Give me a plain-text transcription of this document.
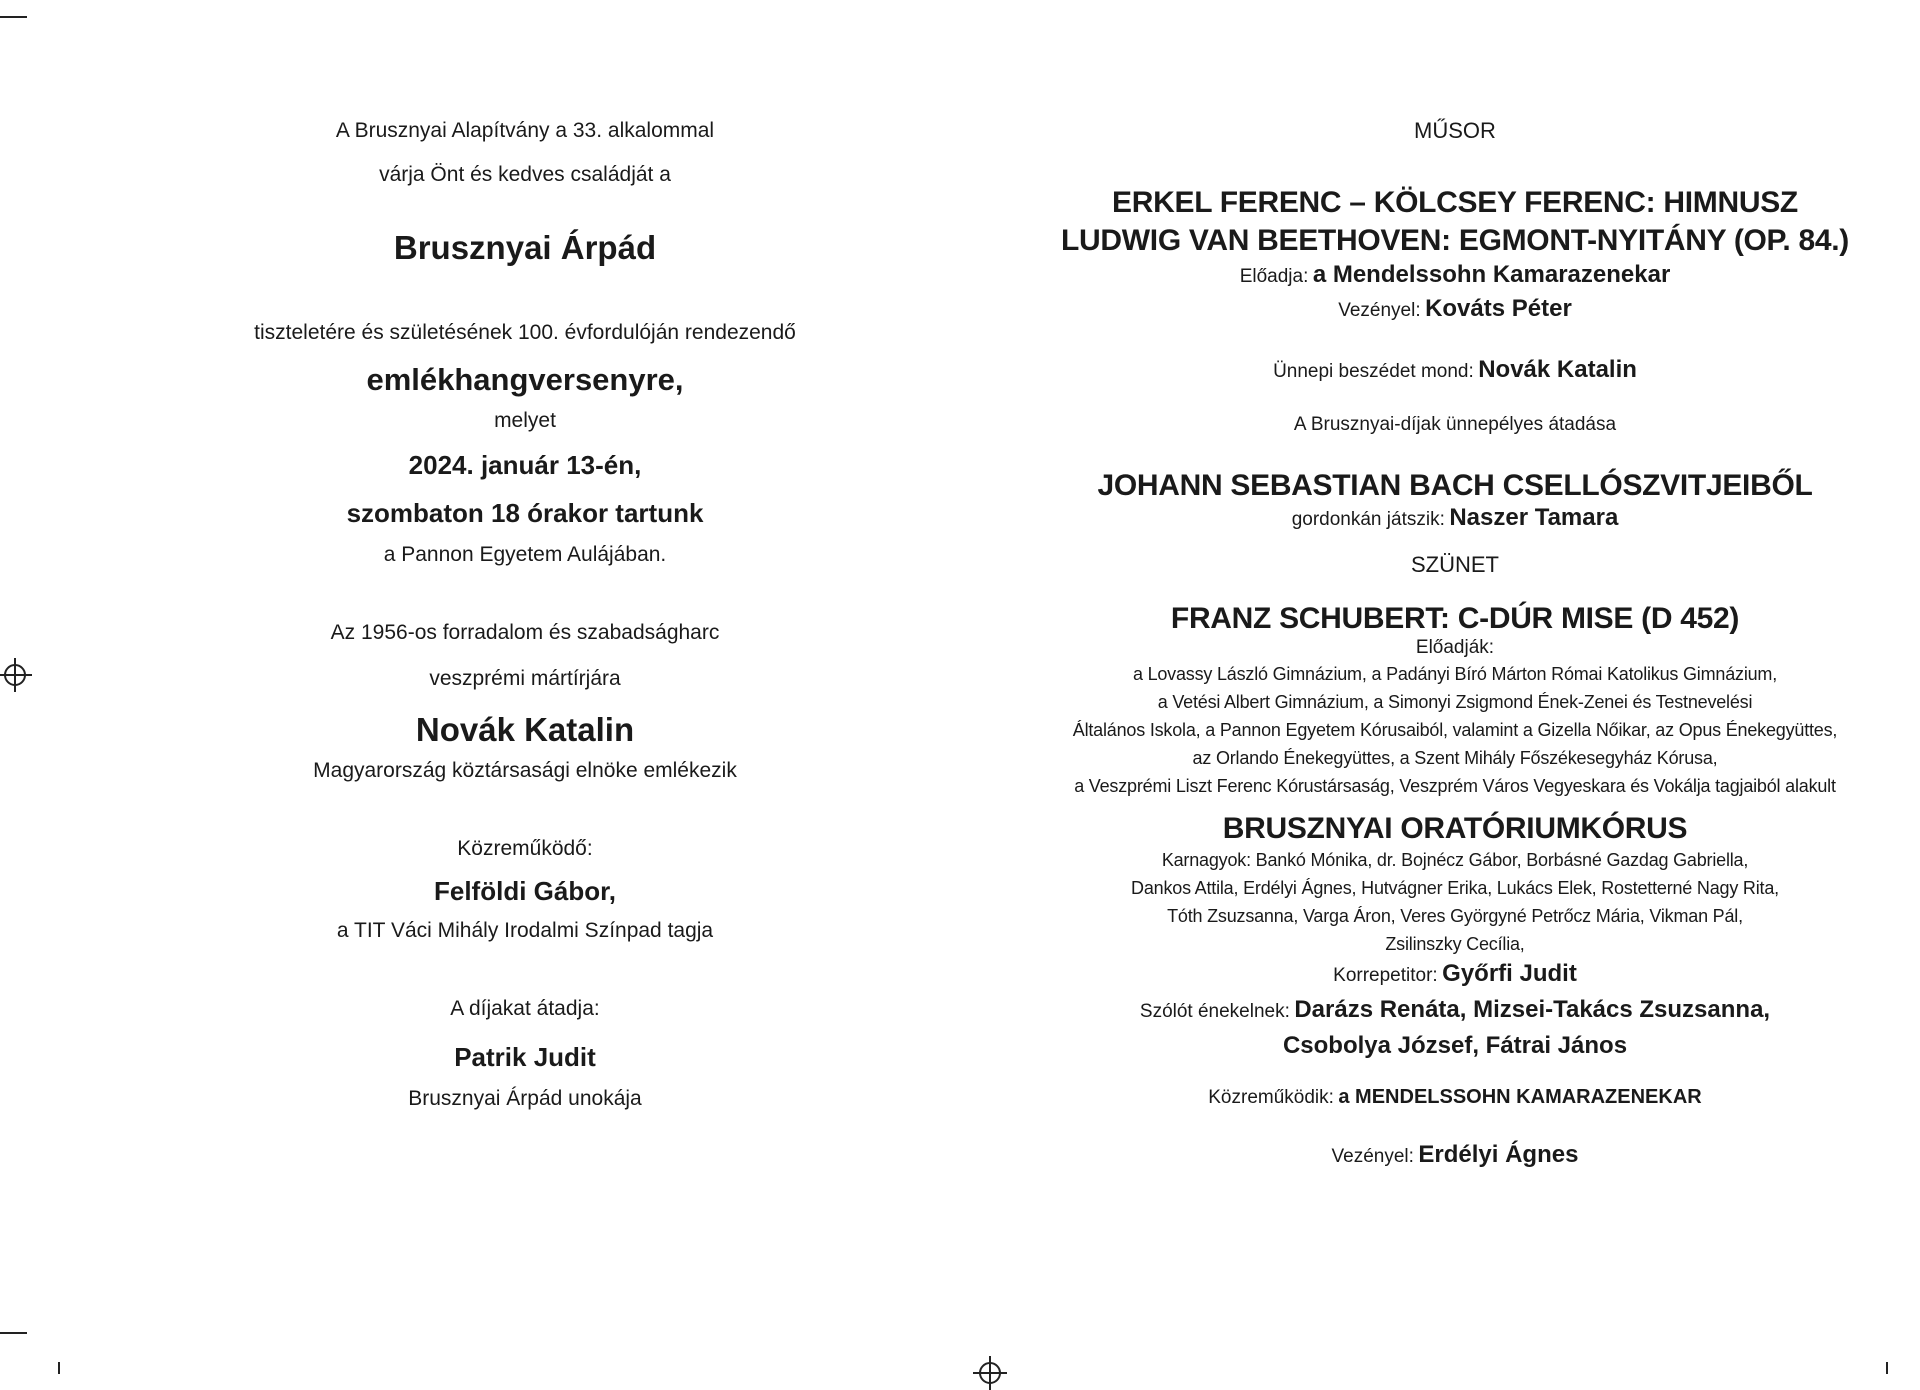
A Brusznyai Alapítvány a 33. alkalommal
várja Önt és kedves családját a
Brusznyai Árpád
tiszteletére és születésének 100. évfordulóján rendezendő
emlékhangversenyre,
melyet
2024. január 13-én,
szombaton 18 órakor tartunk
a Pannon Egyetem Aulájában.
Az 1956-os forradalom és szabadságharc
veszprémi mártírjára
Novák Katalin
Magyarország köztársasági elnöke emlékezik
Közreműködő:
Felföldi Gábor,
a TIT Váci Mihály Irodalmi Színpad tagja
A díjakat átadja:
Patrik Judit
Brusznyai Árpád unokája
MŰSOR
ERKEL FERENC – KÖLCSEY FERENC: HIMNUSZ
LUDWIG VAN BEETHOVEN: EGMONT-NYITÁNY (OP. 84.)
Előadja: a Mendelssohn Kamarazenekar
Vezényel: Kováts Péter
Ünnepi beszédet mond: Novák Katalin
A Brusznyai-díjak ünnepélyes átadása
JOHANN SEBASTIAN BACH CSELLÓSZVITJEIBŐL
gordonkán játszik: Naszer Tamara
SZÜNET
FRANZ SCHUBERT: C-DÚR MISE (D 452)
Előadják:
a Lovassy László Gimnázium, a Padányi Bíró Márton Római Katolikus Gimnázium,
a Vetési Albert Gimnázium, a Simonyi Zsigmond Ének-Zenei és Testnevelési
Általános Iskola, a Pannon Egyetem Kórusaiból, valamint a Gizella Nőikar, az Opus Énekegyüttes,
az Orlando Énekegyüttes, a Szent Mihály Főszékesegyház Kórusa,
a Veszprémi Liszt Ferenc Kórustársaság, Veszprém Város Vegyeskara és Vokálja tagjaiból alakult
BRUSZNYAI ORATÓRIUMKÓRUS
Karnagyok: Bankó Mónika, dr. Bojnécz Gábor, Borbásné Gazdag Gabriella,
Dankos Attila, Erdélyi Ágnes, Hutvágner Erika, Lukács Elek, Rostetterné Nagy Rita,
Tóth Zsuzsanna, Varga Áron, Veres Györgyné Petrőcz Mária, Vikman Pál,
Zsilinszky Cecília,
Korrepetitor: Győrfi Judit
Szólót énekelnek: Darázs Renáta, Mizsei-Takács Zsuzsanna,
Csobolya József, Fátrai János
Közreműködik: a MENDELSSOHN KAMARAZENEKAR
Vezényel: Erdélyi Ágnes
